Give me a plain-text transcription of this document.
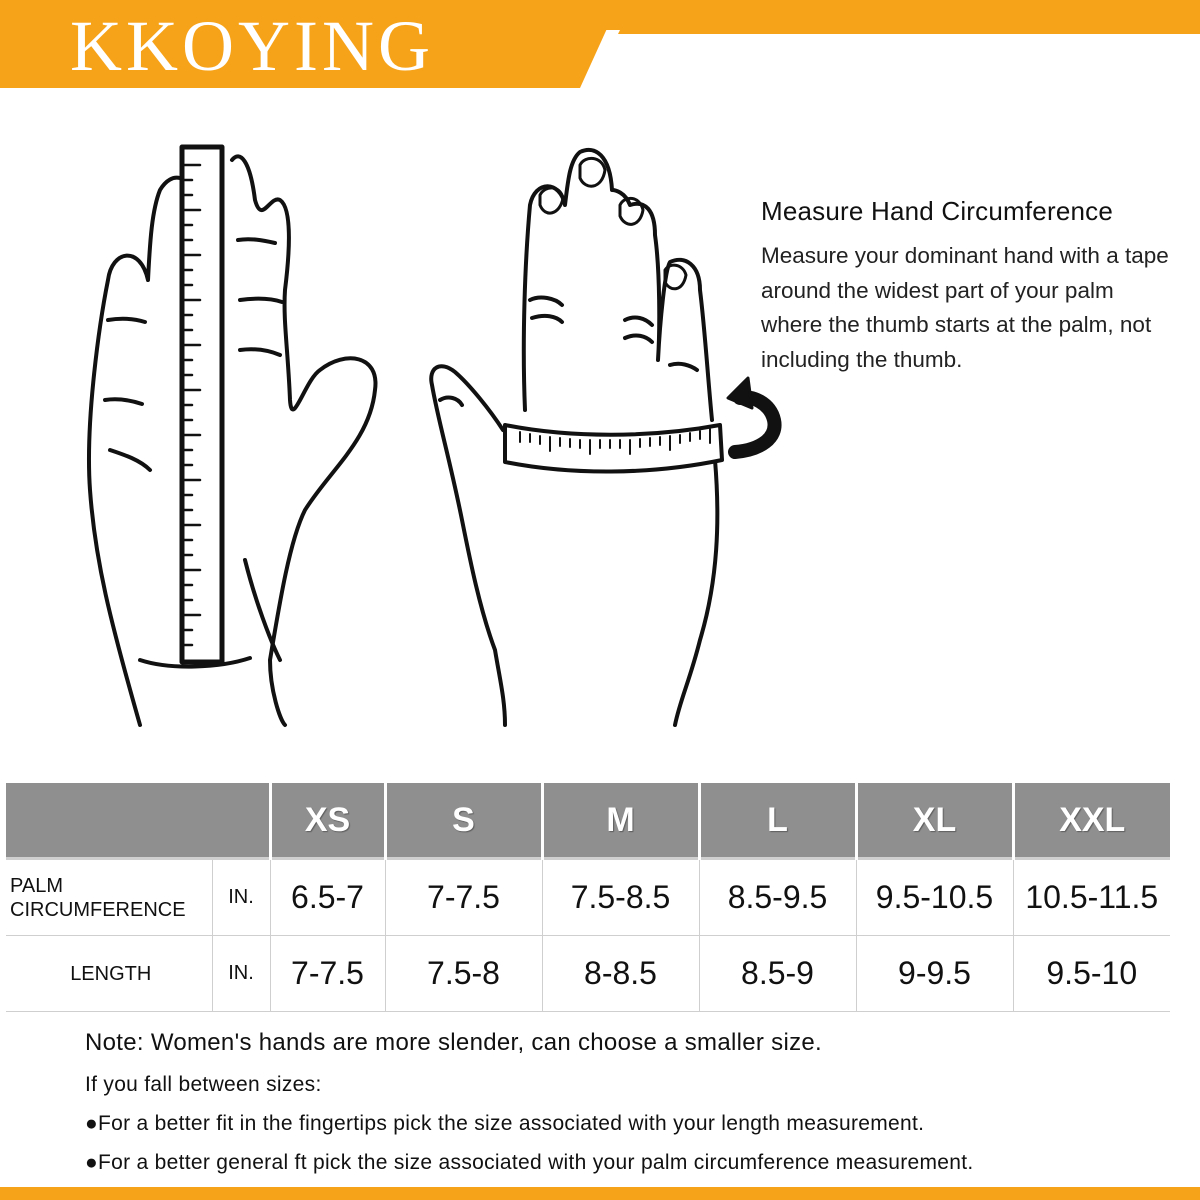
KKOYING
Measure Hand Circumference
Measure your dominant hand with a tape around the widest part of your palm where the thumb starts at the palm, not including the thumb.
		XS	S	M	L	XL	XXL
PALM
CIRCUMFERENCE	IN.	6.5-7	7-7.5	7.5-8.5	8.5-9.5	9.5-10.5	10.5-11.5
LENGTH	IN.	7-7.5	7.5-8	8-8.5	8.5-9	9-9.5	9.5-10
Note: Women's hands are more slender, can choose a smaller size.
If you fall between sizes:
●For a better fit in the fingertips pick the size associated with your length measurement.
●For a better general ft pick the size associated with your palm circumference measurement.
